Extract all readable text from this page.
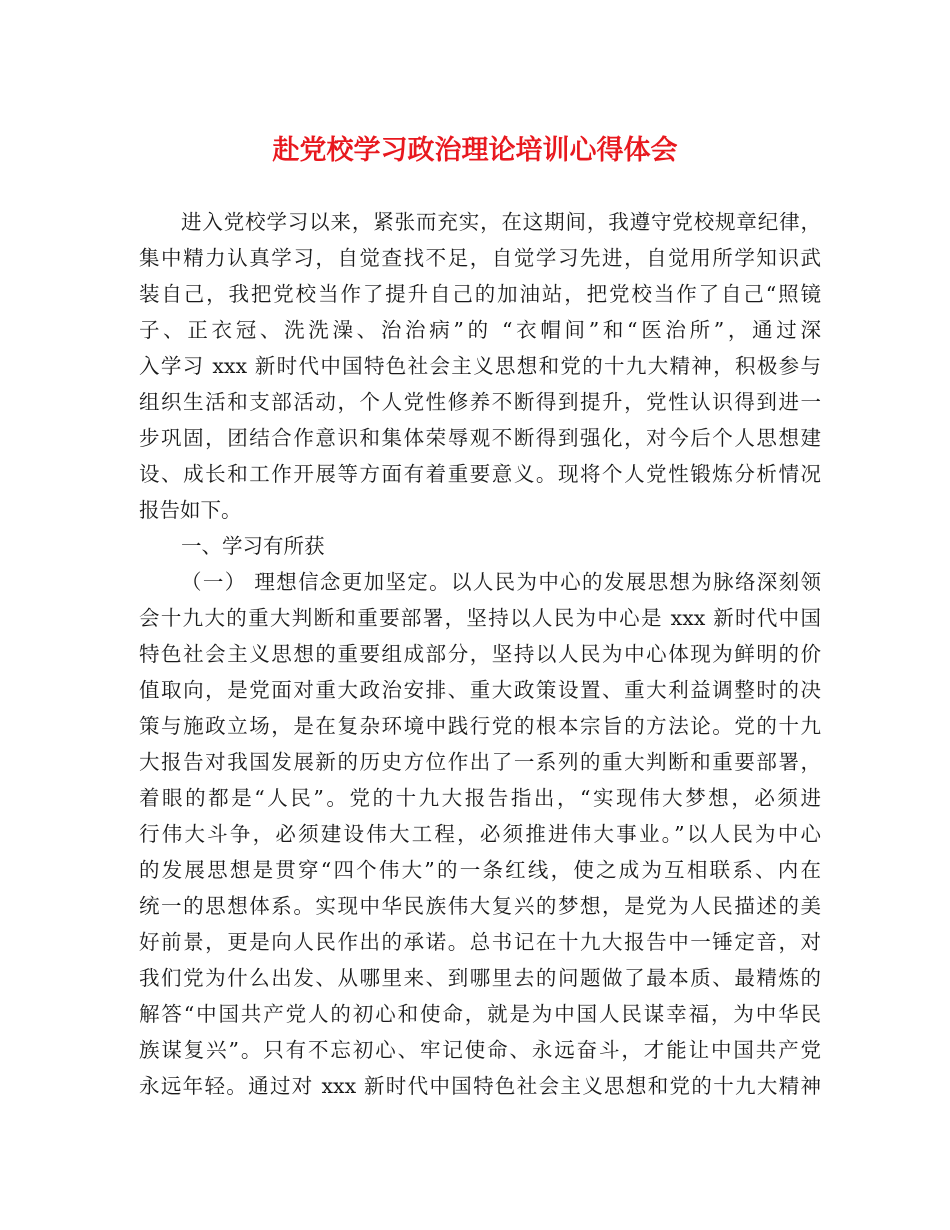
赴党校学习政治理论培训心得体会
进入党校学习以来，紧张而充实，在这期间，我遵守党校规章纪律，
集中精力认真学习，自觉查找不足，自觉学习先进，自觉用所学知识武
装自己，我把党校当作了提升自己的加油站，把党校当作了自己“照镜
子、正衣冠、洗洗澡、治治病”的 “衣帽间”和“医治所”，通过深
入学习 xxx 新时代中国特色社会主义思想和党的十九大精神，积极参与
组织生活和支部活动，个人党性修养不断得到提升，党性认识得到进一
步巩固，团结合作意识和集体荣辱观不断得到强化，对今后个人思想建
设、成长和工作开展等方面有着重要意义。现将个人党性锻炼分析情况
报告如下。
一、学习有所获
（一） 理想信念更加坚定。以人民为中心的发展思想为脉络深刻领
会十九大的重大判断和重要部署，坚持以人民为中心是 xxx 新时代中国
特色社会主义思想的重要组成部分，坚持以人民为中心体现为鲜明的价
值取向，是党面对重大政治安排、重大政策设置、重大利益调整时的决
策与施政立场，是在复杂环境中践行党的根本宗旨的方法论。党的十九
大报告对我国发展新的历史方位作出了一系列的重大判断和重要部署，
着眼的都是“人民”。党的十九大报告指出，“实现伟大梦想，必须进
行伟大斗争，必须建设伟大工程，必须推进伟大事业。”以人民为中心
的发展思想是贯穿“四个伟大”的一条红线，使之成为互相联系、内在
统一的思想体系。实现中华民族伟大复兴的梦想，是党为人民描述的美
好前景，更是向人民作出的承诺。总书记在十九大报告中一锤定音，对
我们党为什么出发、从哪里来、到哪里去的问题做了最本质、最精炼的
解答“中国共产党人的初心和使命，就是为中国人民谋幸福，为中华民
族谋复兴”。只有不忘初心、牢记使命、永远奋斗，才能让中国共产党
永远年轻。通过对 xxx 新时代中国特色社会主义思想和党的十九大精神
